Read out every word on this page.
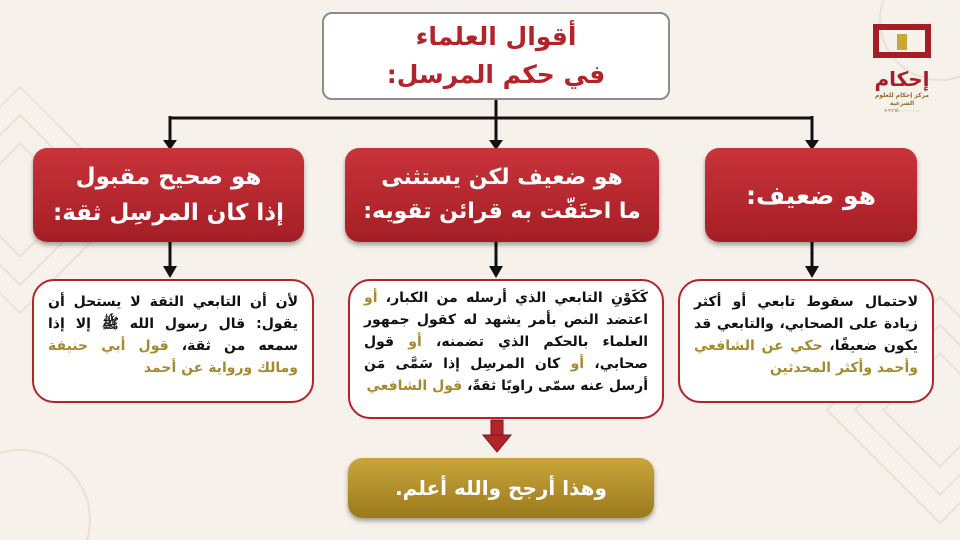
أقوال العلماء
في حكم المرسل:
هو ضعيف:
هو ضعيف لكن يستثنى
ما احتَفّت به قرائن تقويه:
هو صحيح مقبول
إذا كان المرسِل ثقة:

لاحتمال سقوط تابعي أو أكثر زيادة على الصحابي، والتابعي قد يكون ضعيفًا، حكي عن الشافعي وأحمد وأكثر المحدثين

كَكَوْنِ التابعي الذي أرسله من الكبار، أو اعتضد النص بأمر يشهد له كقول جمهور العلماء بالحكم الذي تضمنه، أو قول صحابي، أو كان المرسِل إذا سَمَّى مَن أرسل عنه سمّى راويًا ثقةً، قول الشافعي

لأن أن التابعي الثقة لا يستحل أن يقول: قال رسول الله ﷺ إلا إذا سمعه من ثقة، قول أبي حنيفة ومالك ورواية عن أحمد

وهذا أرجح والله أعلم.
إحكام
مركز إحكام للعلوم الشرعية
٩٦٦٥٠٠٠٠٠٠٠٠+
